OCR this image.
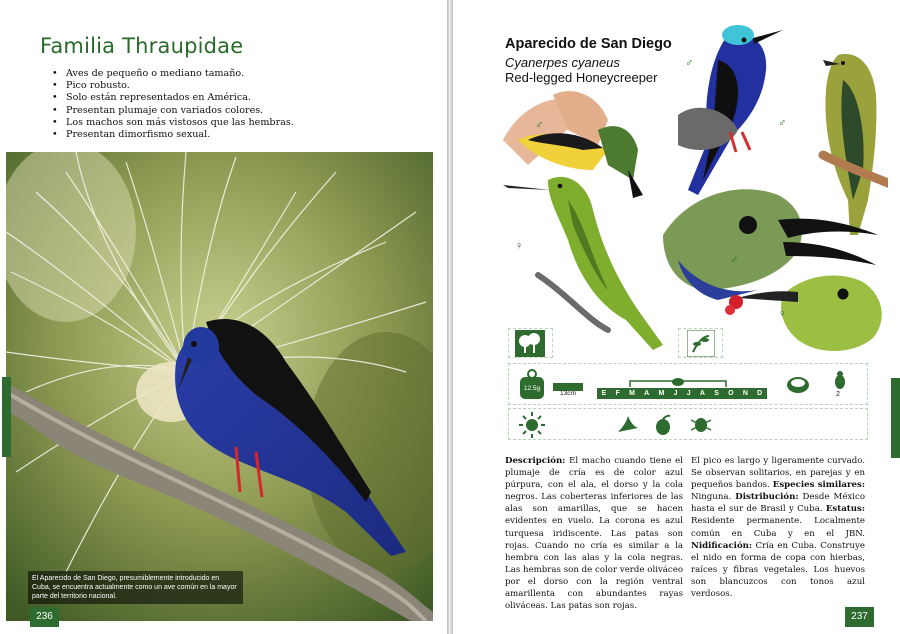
Familia Thraupidae
• Aves de pequeño o mediano tamaño.
• Pico robusto.
• Solo están representados en América.
• Presentan plumaje con variados colores.
• Los machos son más vistosos que las hembras.
• Presentan dimorfismo sexual.
El Aparecido de San Diego, presumiblemente introducido en Cuba, se encuentra actualmente como un ave común en la mayor parte del territorio nacional.
236
Aparecido de San Diego
Cyanerpes cyaneus
Red-legged Honeycreeper
♂
♂
♂
♀
♂
♀
12.5g
13cm	E F M A M J J A S O N D	2
Descripción: El macho cuando tiene el plumaje de cría es de color azul púrpura, con el ala, el dorso y la cola negros. Las coberteras inferiores de las alas son amarillas, que se hacen evidentes en vuelo. La corona es azul turquesa iridiscente. Las patas son rojas. Cuando no cría es similar a la hembra con las alas y la cola negras. Las hembras son de color verde oliváceo por el dorso con la región ventral amarillenta con abundantes rayas oliváceas. Las patas son rojas.
El pico es largo y ligeramente curvado. Se observan solitarios, en parejas y en pequeños bandos. Especies similares: Ninguna. Distribución: Desde México hasta el sur de Brasil y Cuba. Estatus: Residente permanente. Localmente común en Cuba y en el JBN. Nidificación: Cría en Cuba. Construye el nido en forma de copa con hierbas, raíces y fibras vegetales. Los huevos son blancuzcos con tonos azul verdosos.
237
